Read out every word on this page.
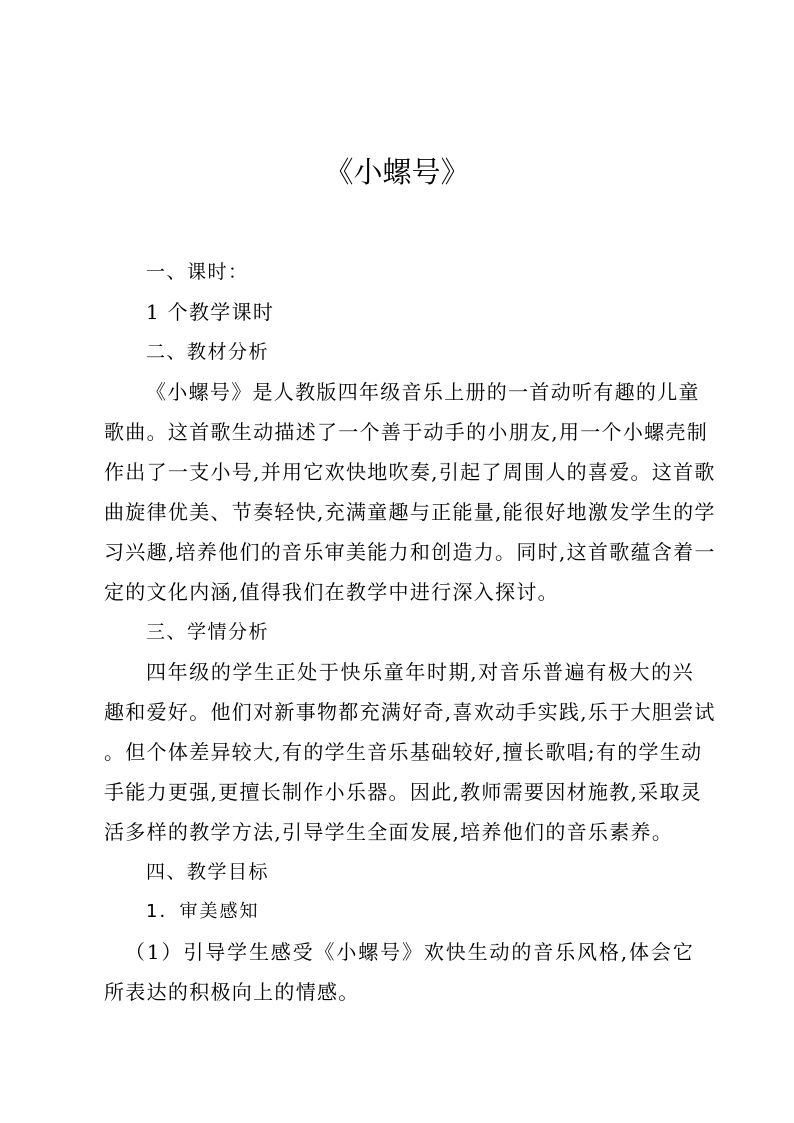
《小螺号》
一、课时：
1 个教学课时
二、教材分析
《小螺号》是人教版四年级音乐上册的一首动听有趣的儿童
歌曲。这首歌生动描述了一个善于动手的小朋友,用一个小螺壳制
作出了一支小号,并用它欢快地吹奏,引起了周围人的喜爱。这首歌
曲旋律优美、节奏轻快,充满童趣与正能量,能很好地激发学生的学
习兴趣,培养他们的音乐审美能力和创造力。同时,这首歌蕴含着一
定的文化内涵,值得我们在教学中进行深入探讨。
三、学情分析
四年级的学生正处于快乐童年时期,对音乐普遍有极大的兴
趣和爱好。他们对新事物都充满好奇,喜欢动手实践,乐于大胆尝试
。但个体差异较大,有的学生音乐基础较好,擅长歌唱;有的学生动
手能力更强,更擅长制作小乐器。因此,教师需要因材施教,采取灵
活多样的教学方法,引导学生全面发展,培养他们的音乐素养。
四、教学目标
1．审美感知
（1）引导学生感受《小螺号》欢快生动的音乐风格,体会它
所表达的积极向上的情感。
